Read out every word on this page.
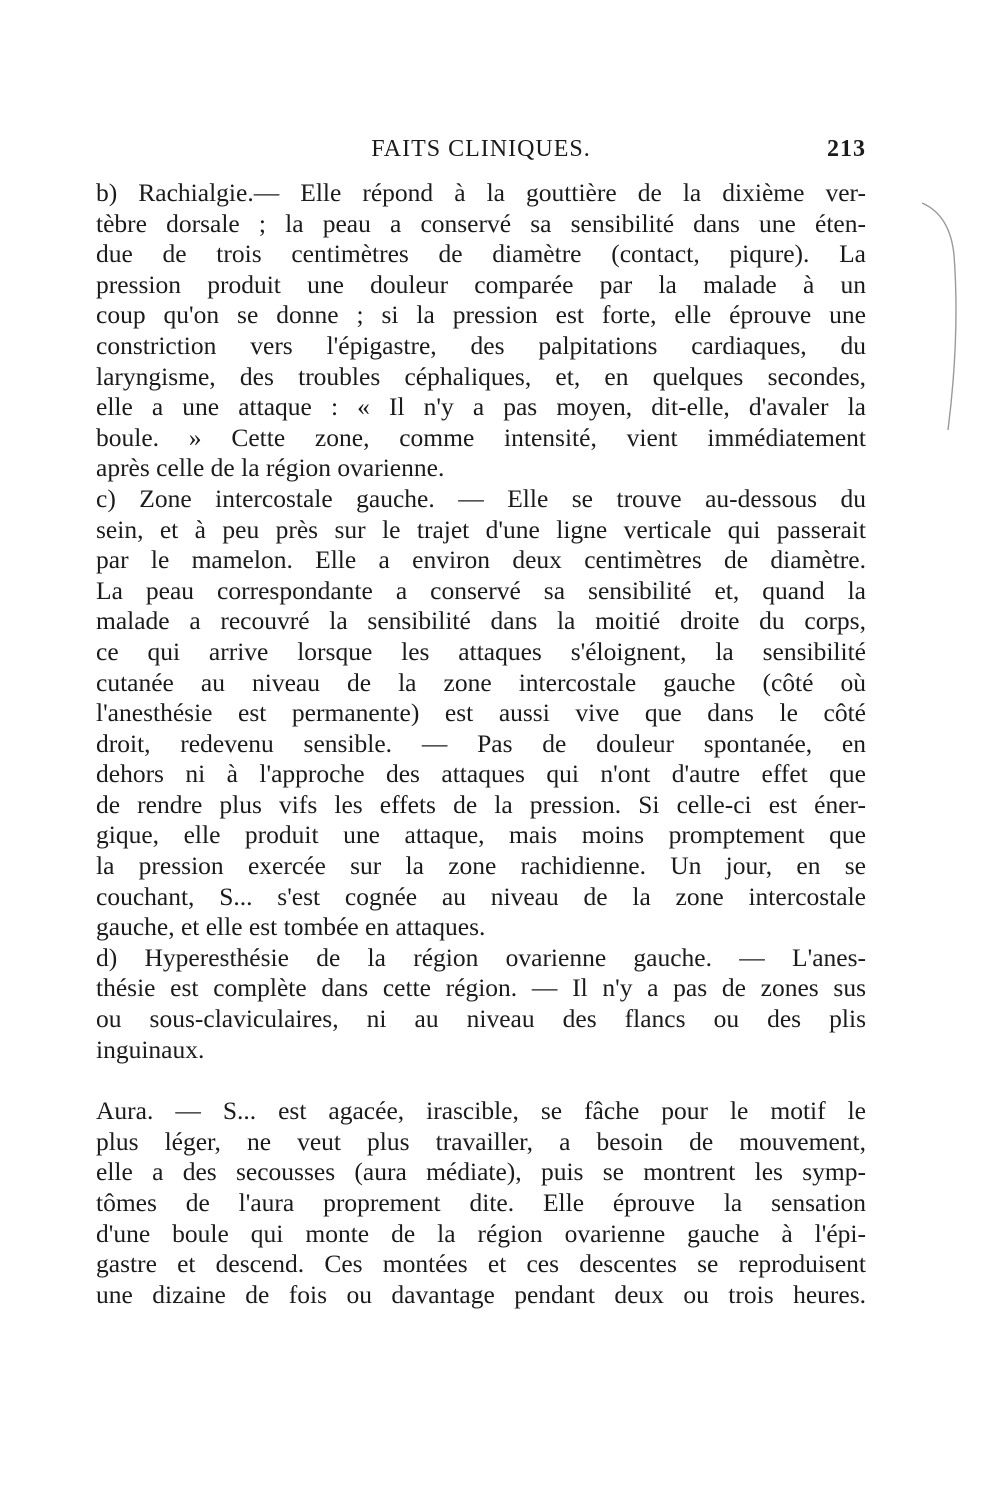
FAITS CLINIQUES.	213
b) Rachialgie.— Elle répond à la gouttière de la dixième ver-
tèbre dorsale ; la peau a conservé sa sensibilité dans une éten-
due de trois centimètres de diamètre (contact, piqure). La
pression produit une douleur comparée par la malade à un
coup qu'on se donne ; si la pression est forte, elle éprouve une
constriction vers l'épigastre, des palpitations cardiaques, du
laryngisme, des troubles céphaliques, et, en quelques secondes,
elle a une attaque : « Il n'y a pas moyen, dit-elle, d'avaler la
boule. » Cette zone, comme intensité, vient immédiatement
après celle de la région ovarienne.
c) Zone intercostale gauche. — Elle se trouve au-dessous du
sein, et à peu près sur le trajet d'une ligne verticale qui passerait
par le mamelon. Elle a environ deux centimètres de diamètre.
La peau correspondante a conservé sa sensibilité et, quand la
malade a recouvré la sensibilité dans la moitié droite du corps,
ce qui arrive lorsque les attaques s'éloignent, la sensibilité
cutanée au niveau de la zone intercostale gauche (côté où
l'anesthésie est permanente) est aussi vive que dans le côté
droit, redevenu sensible. — Pas de douleur spontanée, en
dehors ni à l'approche des attaques qui n'ont d'autre effet que
de rendre plus vifs les effets de la pression. Si celle-ci est éner-
gique, elle produit une attaque, mais moins promptement que
la pression exercée sur la zone rachidienne. Un jour, en se
couchant, S... s'est cognée au niveau de la zone intercostale
gauche, et elle est tombée en attaques.
d) Hyperesthésie de la région ovarienne gauche. — L'anes-
thésie est complète dans cette région. — Il n'y a pas de zones sus
ou sous-claviculaires, ni au niveau des flancs ou des plis
inguinaux.
Aura. — S... est agacée, irascible, se fâche pour le motif le
plus léger, ne veut plus travailler, a besoin de mouvement,
elle a des secousses (aura médiate), puis se montrent les symp-
tômes de l'aura proprement dite. Elle éprouve la sensation
d'une boule qui monte de la région ovarienne gauche à l'épi-
gastre et descend. Ces montées et ces descentes se reproduisent
une dizaine de fois ou davantage pendant deux ou trois heures.
